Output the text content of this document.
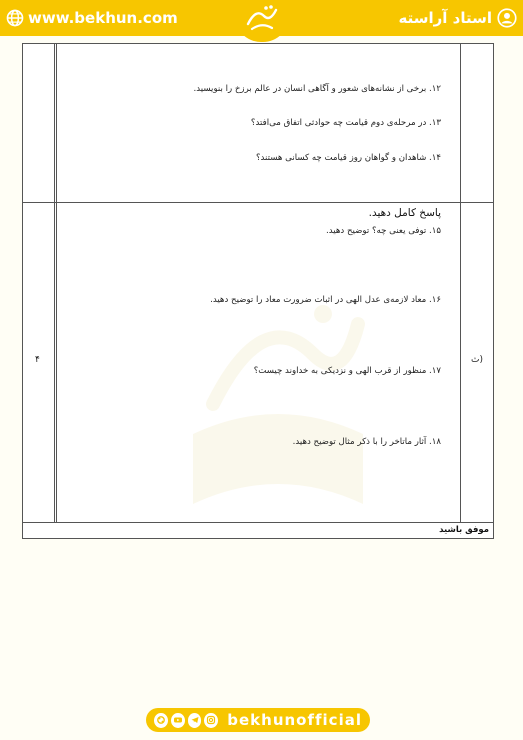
www.bekhun.com	استاد آراسته
۱۲. برخی از نشانه‌های شعور و آگاهی انسان در عالم برزخ را بنویسید.
۱۳. در مرحله‌ی دوم قیامت چه حوادثی اتفاق می‌افتد؟
۱۴. شاهدان و گواهان روز قیامت چه کسانی هستند؟
پاسخ کامل دهید.
۱۵. توفی یعنی چه؟ توضیح دهید.
۱۶. معاد لازمه‌ی عدل الهی در اثبات ضرورت معاد را توضیح دهید.
۱۷. منظور از قرب الهی و نزدیکی به خداوند چیست؟
۱۸. آثار ماتاخر را با ذکر مثال توضیح دهید.
ث)
۴
موفق باشید
bekhunofficial
